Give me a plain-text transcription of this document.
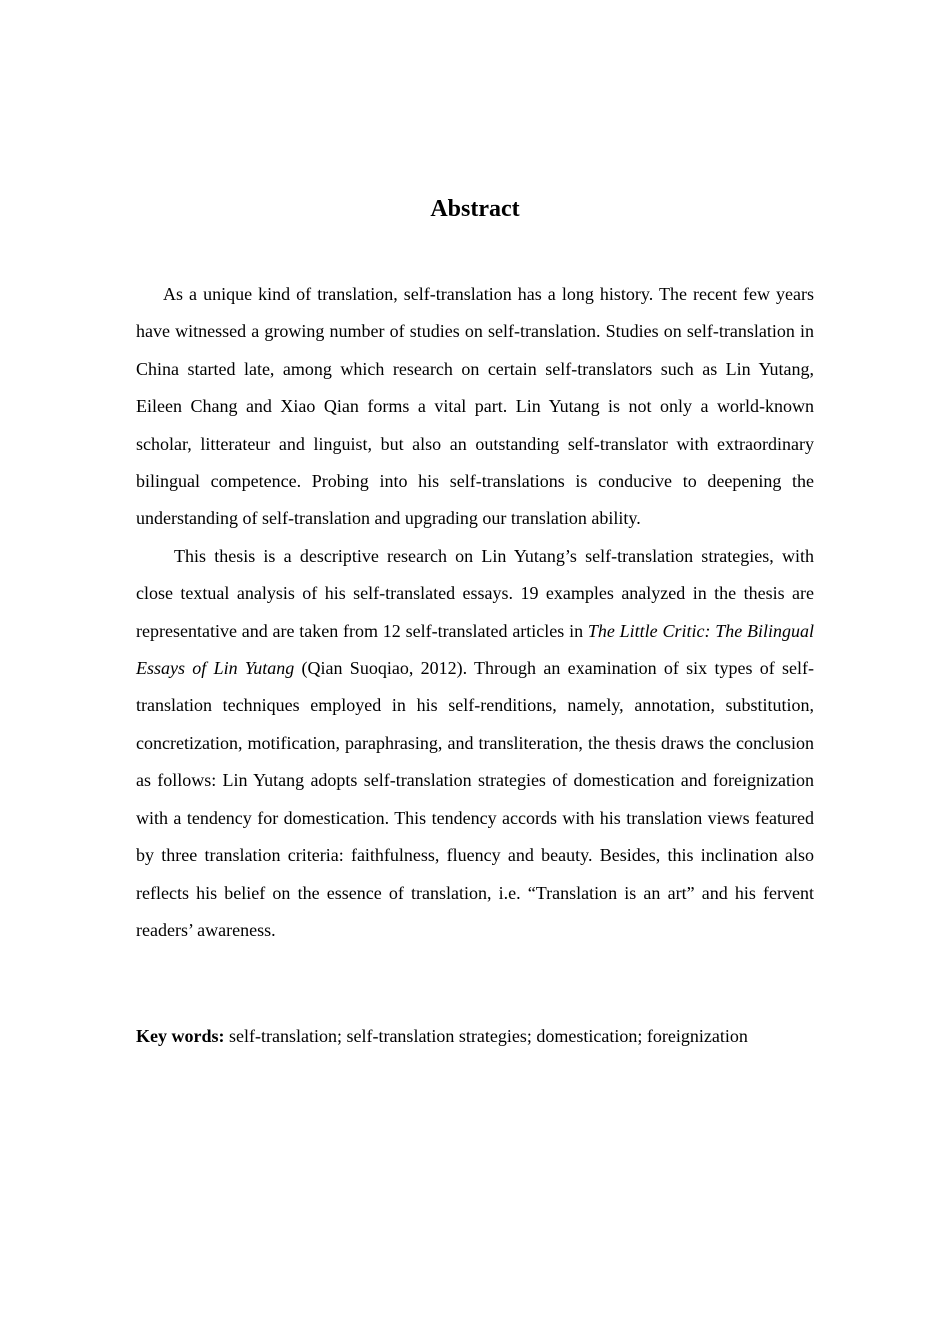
Abstract

As a unique kind of translation, self-translation has a long history. The recent few years have witnessed a growing number of studies on self-translation. Studies on self-translation in China started late, among which research on certain self-translators such as Lin Yutang, Eileen Chang and Xiao Qian forms a vital part. Lin Yutang is not only a world-known scholar, litterateur and linguist, but also an outstanding self-translator with extraordinary bilingual competence. Probing into his self-translations is conducive to deepening the understanding of self-translation and upgrading our translation ability.

This thesis is a descriptive research on Lin Yutang’s self-translation strategies, with close textual analysis of his self-translated essays. 19 examples analyzed in the thesis are representative and are taken from 12 self-translated articles in The Little Critic: The Bilingual Essays of Lin Yutang (Qian Suoqiao, 2012). Through an examination of six types of self-translation techniques employed in his self-renditions, namely, annotation, substitution, concretization, motification, paraphrasing, and transliteration, the thesis draws the conclusion as follows: Lin Yutang adopts self-translation strategies of domestication and foreignization with a tendency for domestication. This tendency accords with his translation views featured by three translation criteria: faithfulness, fluency and beauty. Besides, this inclination also reflects his belief on the essence of translation, i.e. “Translation is an art” and his fervent readers’ awareness.

Key words: self-translation; self-translation strategies; domestication; foreignization
